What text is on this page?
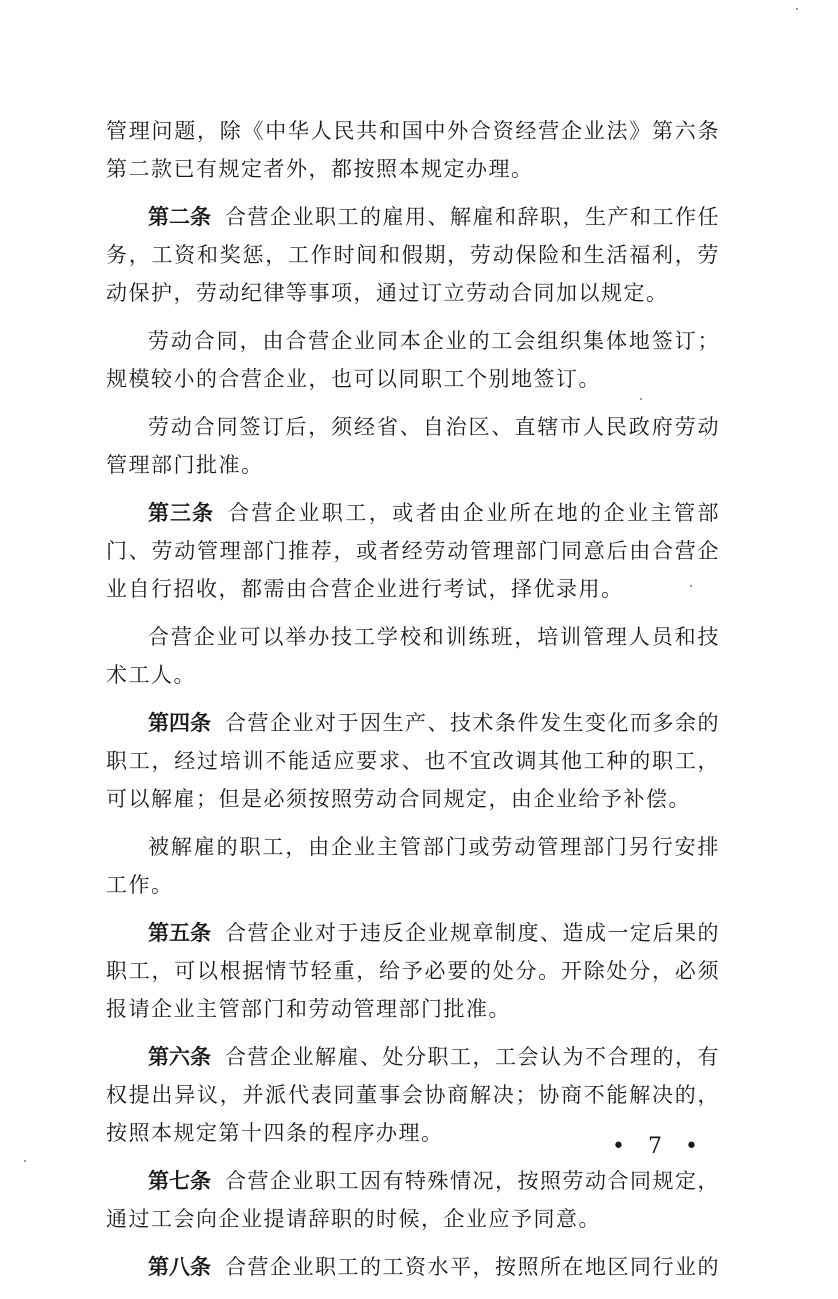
管理问题，除《中华人民共和国中外合资经营企业法》第六条第二款已有规定者外，都按照本规定办理。

第二条 合营企业职工的雇用、解雇和辞职，生产和工作任务，工资和奖惩，工作时间和假期，劳动保险和生活福利，劳动保护，劳动纪律等事项，通过订立劳动合同加以规定。

劳动合同，由合营企业同本企业的工会组织集体地签订；规模较小的合营企业，也可以同职工个别地签订。

劳动合同签订后，须经省、自治区、直辖市人民政府劳动管理部门批准。

第三条 合营企业职工，或者由企业所在地的企业主管部门、劳动管理部门推荐，或者经劳动管理部门同意后由合营企业自行招收，都需由合营企业进行考试，择优录用。

合营企业可以举办技工学校和训练班，培训管理人员和技术工人。

第四条 合营企业对于因生产、技术条件发生变化而多余的职工，经过培训不能适应要求、也不宜改调其他工种的职工，可以解雇；但是必须按照劳动合同规定，由企业给予补偿。

被解雇的职工，由企业主管部门或劳动管理部门另行安排工作。

第五条 合营企业对于违反企业规章制度、造成一定后果的职工，可以根据情节轻重，给予必要的处分。开除处分，必须报请企业主管部门和劳动管理部门批准。

第六条 合营企业解雇、处分职工，工会认为不合理的，有权提出异议，并派代表同董事会协商解决；协商不能解决的，按照本规定第十四条的程序办理。

第七条 合营企业职工因有特殊情况，按照劳动合同规定，通过工会向企业提请辞职的时候，企业应予同意。

第八条 合营企业职工的工资水平，按照所在地区同行业的

• 7 •
